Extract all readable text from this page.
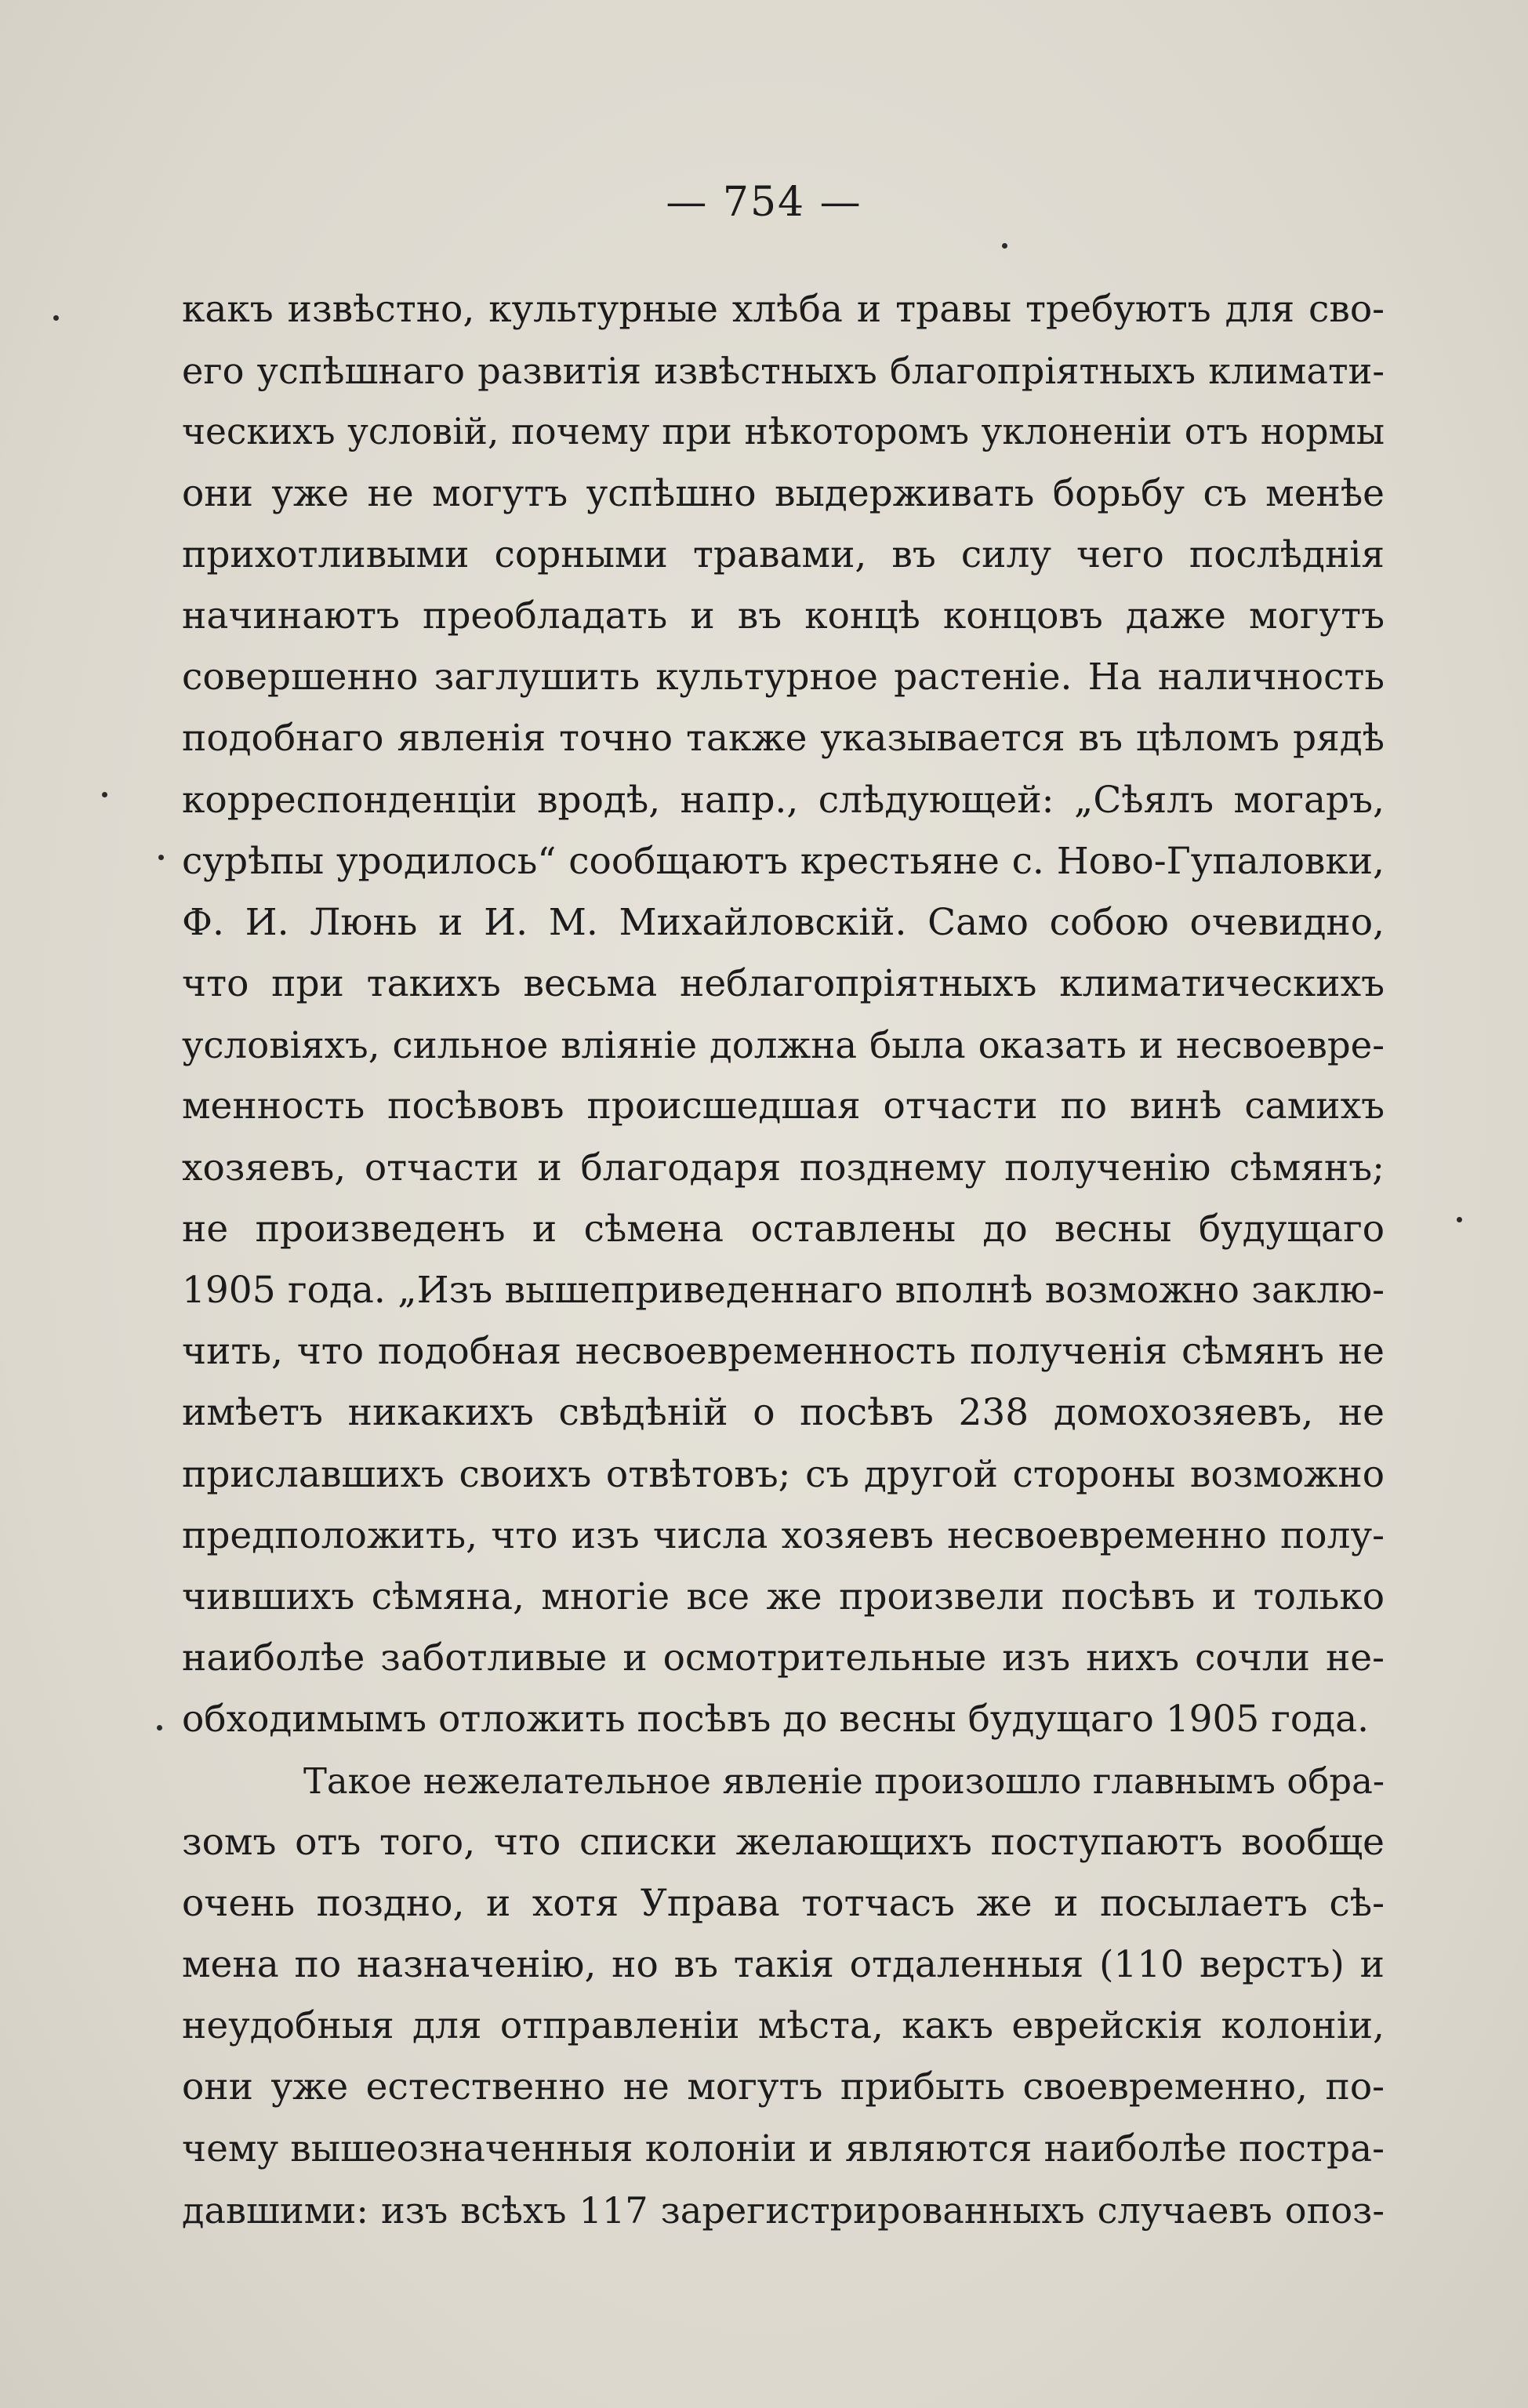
— 754 —
какъ извѣстно, культурные хлѣба и травы требуютъ для сво-
его успѣшнаго развитія извѣстныхъ благопріятныхъ климати-
ческихъ условій, почему при нѣкоторомъ уклоненіи отъ нормы
они уже не могутъ успѣшно выдерживать борьбу съ менѣе
прихотливыми сорными травами, въ силу чего послѣднія
начинаютъ преобладать и въ концѣ концовъ даже могутъ
совершенно заглушить культурное растеніе. На наличность
подобнаго явленія точно также указывается въ цѣломъ рядѣ
корреспонденціи вродѣ, напр., слѣдующей: „Сѣялъ могаръ,
сурѣпы уродилось“ сообщаютъ крестьяне с. Ново-Гупаловки,
Ф. И. Люнь и И. М. Михайловскій. Само собою очевидно,
что при такихъ весьма неблагопріятныхъ климатическихъ
условіяхъ, сильное вліяніе должна была оказать и несвоевре-
менность посѣвовъ происшедшая отчасти по винѣ самихъ
хозяевъ, отчасти и благодаря позднему полученію сѣмянъ;
не произведенъ и сѣмена оставлены до весны будущаго
1905 года. „Изъ вышеприведеннаго вполнѣ возможно заклю-
чить, что подобная несвоевременность полученія сѣмянъ не
имѣетъ никакихъ свѣдѣній о посѣвъ 238 домохозяевъ, не
приславшихъ своихъ отвѣтовъ; съ другой стороны возможно
предположить, что изъ числа хозяевъ несвоевременно полу-
чившихъ сѣмяна, многіе все же произвели посѣвъ и только
наиболѣе заботливые и осмотрительные изъ нихъ сочли не-
обходимымъ отложить посѣвъ до весны будущаго 1905 года.
Такое нежелательное явленіе произошло главнымъ обра-
зомъ отъ того, что списки желающихъ поступаютъ вообще
очень поздно, и хотя Управа тотчасъ же и посылаетъ сѣ-
мена по назначенію, но въ такія отдаленныя (110 верстъ) и
неудобныя для отправленіи мѣста, какъ еврейскія колоніи,
они уже естественно не могутъ прибыть своевременно, по-
чему вышеозначенныя колоніи и являются наиболѣе постра-
давшими: изъ всѣхъ 117 зарегистрированныхъ случаевъ опоз-
